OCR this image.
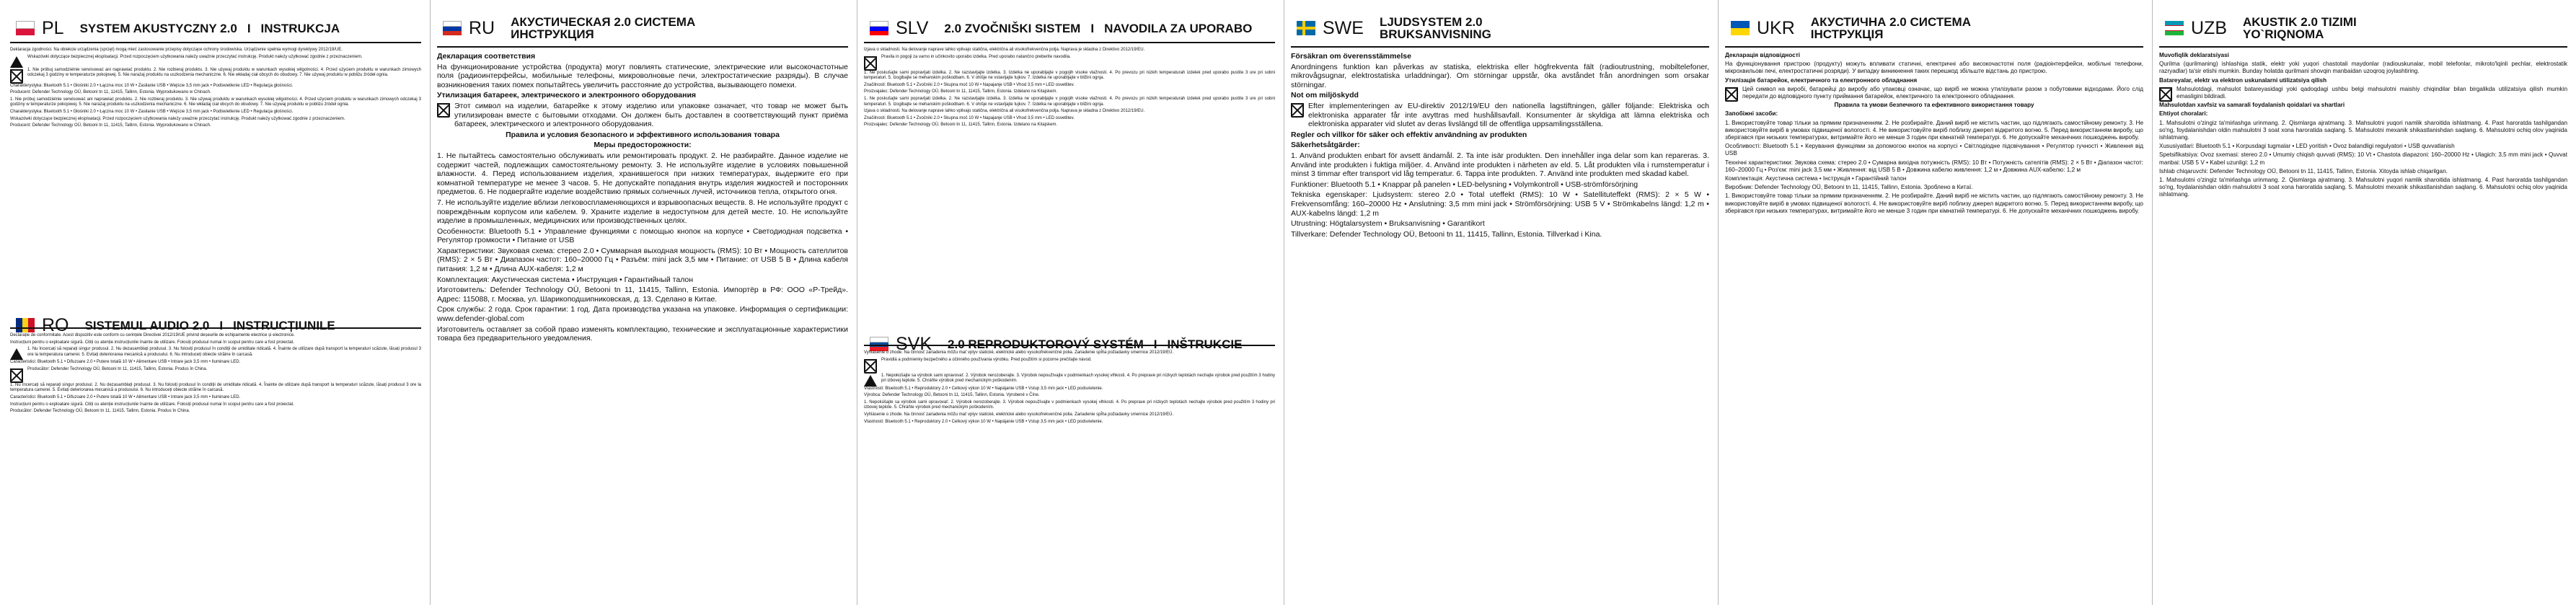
PL SYSTEM AKUSTYCZNY 2.0 I INSTRUKCJA

Deklaracja zgodności. Na obiekcie urządzenia (sprzęt) mogą mieć zastosowanie przepisy dotyczące ochrony środowiska. Urządzenie spełnia wymogi dyrektywy 2012/19/UE.

Wskazówki dotyczące bezpiecznej eksploatacji. Przed rozpoczęciem użytkowania należy uważnie przeczytać instrukcję. Produkt należy użytkować zgodnie z przeznaczeniem.

1. Nie próbuj samodzielnie serwisować ani naprawiać produktu. 2. Nie rozbieraj produktu. 3. Nie używaj produktu w warunkach wysokiej wilgotności. 4. Przed użyciem produktu w warunkach zimowych odczekaj 3 godziny w temperaturze pokojowej. 5. Nie narażaj produktu na uszkodzenia mechaniczne. 6. Nie wkładaj ciał obcych do obudowy. 7. Nie używaj produktu w pobliżu źródeł ognia.

Charakterystyka: Bluetooth 5.1 • Głośniki 2.0 • Łączna moc 10 W • Zasilanie USB • Wejście 3,5 mm jack • Podświetlenie LED • Regulacja głośności.

Producent: Defender Technology OÜ, Betooni tn 11, 11415, Tallinn, Estonia. Wyprodukowano w Chinach.

1. Nie próbuj samodzielnie serwisować ani naprawiać produktu. 2. Nie rozbieraj produktu. 3. Nie używaj produktu w warunkach wysokiej wilgotności. 4. Przed użyciem produktu w warunkach zimowych odczekaj 3 godziny w temperaturze pokojowej. 5. Nie narażaj produktu na uszkodzenia mechaniczne. 6. Nie wkładaj ciał obcych do obudowy. 7. Nie używaj produktu w pobliżu źródeł ognia.

Charakterystyka: Bluetooth 5.1 • Głośniki 2.0 • Łączna moc 10 W • Zasilanie USB • Wejście 3,5 mm jack • Podświetlenie LED • Regulacja głośności.

Wskazówki dotyczące bezpiecznej eksploatacji. Przed rozpoczęciem użytkowania należy uważnie przeczytać instrukcję. Produkt należy użytkować zgodnie z przeznaczeniem.

Producent: Defender Technology OÜ, Betooni tn 11, 11415, Tallinn, Estonia. Wyprodukowano w Chinach.

RO SISTEMUL AUDIO 2.0 I INSTRUCȚIUNILE

Declarație de conformitate. Acest dispozitiv este conform cu cerințele Directivei 2012/19/UE privind deșeurile de echipamente electrice și electronice.

Instrucțiuni pentru o exploatare sigură. Citiți cu atenție instrucțiunile înainte de utilizare. Folosiți produsul numai în scopul pentru care a fost proiectat.

1. Nu încercați să reparați singur produsul. 2. Nu dezasamblați produsul. 3. Nu folosiți produsul în condiții de umiditate ridicată. 4. Înainte de utilizare după transport la temperaturi scăzute, lăsați produsul 3 ore la temperatura camerei. 5. Evitați deteriorarea mecanică a produsului. 6. Nu introduceți obiecte străine în carcasă.

Caracteristici: Bluetooth 5.1 • Difuzoare 2.0 • Putere totală 10 W • Alimentare USB • Intrare jack 3,5 mm • Iluminare LED.

Producător: Defender Technology OÜ, Betooni tn 11, 11415, Tallinn, Estonia. Produs în China.

1. Nu încercați să reparați singur produsul. 2. Nu dezasamblați produsul. 3. Nu folosiți produsul în condiții de umiditate ridicată. 4. Înainte de utilizare după transport la temperaturi scăzute, lăsați produsul 3 ore la temperatura camerei. 5. Evitați deteriorarea mecanică a produsului. 6. Nu introduceți obiecte străine în carcasă.

Caracteristici: Bluetooth 5.1 • Difuzoare 2.0 • Putere totală 10 W • Alimentare USB • Intrare jack 3,5 mm • Iluminare LED.

Instrucțiuni pentru o exploatare sigură. Citiți cu atenție instrucțiunile înainte de utilizare. Folosiți produsul numai în scopul pentru care a fost proiectat.

Producător: Defender Technology OÜ, Betooni tn 11, 11415, Tallinn, Estonia. Produs în China.

RU АКУСТИЧЕСКАЯ 2.0 СИСТЕМА
ИНСТРУКЦИЯ

Декларация соответствия

На функционирование устройства (продукта) могут повлиять статические, электрические или высокочастотные поля (радиоинтерфейсы, мобильные телефоны, микроволновые печи, электростатические разряды). В случае возникновения таких помех попытайтесь увеличить расстояние до устройства, вызывающего помехи.

Утилизация батареек, электрического и электронного оборудования

Этот символ на изделии, батарейке к этому изделию или упаковке означает, что товар не может быть утилизирован вместе с бытовыми отходами. Он должен быть доставлен в соответствующий пункт приёма батареек, электрического и электронного оборудования.

Правила и условия безопасного и эффективного использования товара

Меры предосторожности:

1. Не пытайтесь самостоятельно обслуживать или ремонтировать продукт. 2. Не разбирайте. Данное изделие не содержит частей, подлежащих самостоятельному ремонту. 3. Не используйте изделие в условиях повышенной влажности. 4. Перед использованием изделия, хранившегося при низких температурах, выдержите его при комнатной температуре не менее 3 часов. 5. Не допускайте попадания внутрь изделия жидкостей и посторонних предметов. 6. Не подвергайте изделие воздействию прямых солнечных лучей, источников тепла, открытого огня.

7. Не используйте изделие вблизи легковоспламеняющихся и взрывоопасных веществ. 8. Не используйте продукт с повреждённым корпусом или кабелем. 9. Храните изделие в недоступном для детей месте. 10. Не используйте изделие в промышленных, медицинских или производственных целях.

Особенности: Bluetooth 5.1 • Управление функциями с помощью кнопок на корпусе • Светодиодная подсветка • Регулятор громкости • Питание от USB

Характеристики: Звуковая схема: стерео 2.0 • Суммарная выходная мощность (RMS): 10 Вт • Мощность сателлитов (RMS): 2 × 5 Вт • Диапазон частот: 160–20000 Гц • Разъём: mini jack 3,5 мм • Питание: от USB 5 В • Длина кабеля питания: 1,2 м • Длина AUX-кабеля: 1,2 м

Комплектация: Акустическая система • Инструкция • Гарантийный талон

Изготовитель: Defender Technology OÜ, Betooni tn 11, 11415, Tallinn, Estonia. Импортёр в РФ: ООО «Р-Трейд». Адрес: 115088, г. Москва, ул. Шарикоподшипниковская, д. 13. Сделано в Китае.

Срок службы: 2 года. Срок гарантии: 1 год. Дата производства указана на упаковке. Информация о сертификации: www.defender-global.com

Изготовитель оставляет за собой право изменять комплектацию, технические и эксплуатационные характеристики товара без предварительного уведомления.

SLV 2.0 ZVOČNIŠKI SISTEM I NAVODILA ZA UPORABO

Izjava o skladnosti. Na delovanje naprave lahko vplivajo statična, električna ali visokofrekvenčna polja. Naprava je skladna z Direktivo 2012/19/EU.

Pravila in pogoji za varno in učinkovito uporabo izdelka. Pred uporabo natančno preberite navodila.

1. Ne poskušajte sami popravljati izdelka. 2. Ne razstavljajte izdelka. 3. Izdelka ne uporabljajte v pogojih visoke vlažnosti. 4. Po prevozu pri nizkih temperaturah izdelek pred uporabo pustite 3 ure pri sobni temperaturi. 5. Izogibajte se mehanskim poškodbam. 6. V ohišje ne vstavljajte tujkov. 7. Izdelka ne uporabljajte v bližini ognja.

Značilnosti: Bluetooth 5.1 • Zvočniki 2.0 • Skupna moč 10 W • Napajanje USB • Vhod 3,5 mm • LED osvetlitev.

Proizvajalec: Defender Technology OÜ, Betooni tn 11, 11415, Tallinn, Estonia. Izdelano na Kitajskem.

1. Ne poskušajte sami popravljati izdelka. 2. Ne razstavljajte izdelka. 3. Izdelka ne uporabljajte v pogojih visoke vlažnosti. 4. Po prevozu pri nizkih temperaturah izdelek pred uporabo pustite 3 ure pri sobni temperaturi. 5. Izogibajte se mehanskim poškodbam. 6. V ohišje ne vstavljajte tujkov. 7. Izdelka ne uporabljajte v bližini ognja.

Izjava o skladnosti. Na delovanje naprave lahko vplivajo statična, električna ali visokofrekvenčna polja. Naprava je skladna z Direktivo 2012/19/EU.

Značilnosti: Bluetooth 5.1 • Zvočniki 2.0 • Skupna moč 10 W • Napajanje USB • Vhod 3,5 mm • LED osvetlitev.

Proizvajalec: Defender Technology OÜ, Betooni tn 11, 11415, Tallinn, Estonia. Izdelano na Kitajskem.

SVK 2.0 REPRODUKTOROVÝ SYSTÉM I INŠTRUKCIE

Vyhlásenie o zhode. Na činnosť zariadenia môžu mať vplyv statické, elektrické alebo vysokofrekvenčné polia. Zariadenie spĺňa požiadavky smernice 2012/19/EÚ.

Pravidlá a podmienky bezpečného a účinného používania výrobku. Pred použitím si pozorne prečítajte návod.

1. Nepokúšajte sa výrobok sami opravovať. 2. Výrobok nerozoberajte. 3. Výrobok nepoužívajte v podmienkach vysokej vlhkosti. 4. Po preprave pri nízkych teplotách nechajte výrobok pred použitím 3 hodiny pri izbovej teplote. 5. Chráňte výrobok pred mechanickým poškodením.

Vlastnosti: Bluetooth 5.1 • Reproduktory 2.0 • Celkový výkon 10 W • Napájanie USB • Vstup 3,5 mm jack • LED podsvietenie.

Výrobca: Defender Technology OÜ, Betooni tn 11, 11415, Tallinn, Estonia. Vyrobené v Číne.

1. Nepokúšajte sa výrobok sami opravovať. 2. Výrobok nerozoberajte. 3. Výrobok nepoužívajte v podmienkach vysokej vlhkosti. 4. Po preprave pri nízkych teplotách nechajte výrobok pred použitím 3 hodiny pri izbovej teplote. 5. Chráňte výrobok pred mechanickým poškodením.

Vyhlásenie o zhode. Na činnosť zariadenia môžu mať vplyv statické, elektrické alebo vysokofrekvenčné polia. Zariadenie spĺňa požiadavky smernice 2012/19/EÚ.

Vlastnosti: Bluetooth 5.1 • Reproduktory 2.0 • Celkový výkon 10 W • Napájanie USB • Vstup 3,5 mm jack • LED podsvietenie.

SWE LJUDSYSTEM 2.0
BRUKSANVISNING

Försäkran om överensstämmelse

Anordningens funktion kan påverkas av statiska, elektriska eller högfrekventa fält (radioutrustning, mobiltelefoner, mikrovågsugnar, elektrostatiska urladdningar). Om störningar uppstår, öka avståndet från anordningen som orsakar störningar.

Not om miljöskydd

Efter implementeringen av EU-direktiv 2012/19/EU den nationella lagstiftningen, gäller följande: Elektriska och elektroniska apparater får inte avyttras med hushållsavfall. Konsumenter är skyldiga att lämna elektriska och elektroniska apparater vid slutet av deras livslängd till de offentliga uppsamlingsställena.

Regler och villkor för säker och effektiv användning av produkten

Säkerhetsåtgärder:

1. Använd produkten enbart för avsett ändamål. 2. Ta inte isär produkten. Den innehåller inga delar som kan repareras. 3. Använd inte produkten i fuktiga miljöer. 4. Använd inte produkten i närheten av eld. 5. Låt produkten vila i rumstemperatur i minst 3 timmar efter transport vid låg temperatur. 6. Tappa inte produkten. 7. Använd inte produkten med skadad kabel.

Funktioner: Bluetooth 5.1 • Knappar på panelen • LED-belysning • Volymkontroll • USB-strömförsörjning

Tekniska egenskaper: Ljudsystem: stereo 2.0 • Total uteffekt (RMS): 10 W • Satellituteffekt (RMS): 2 × 5 W • Frekvensomfång: 160–20000 Hz • Anslutning: 3,5 mm mini jack • Strömförsörjning: USB 5 V • Strömkabelns längd: 1,2 m • AUX-kabelns längd: 1,2 m

Utrustning: Högtalarsystem • Bruksanvisning • Garantikort

Tillverkare: Defender Technology OÜ, Betooni tn 11, 11415, Tallinn, Estonia. Tillverkad i Kina.

UKR АКУСТИЧНА 2.0 СИСТЕМА
ІНСТРУКЦІЯ

Декларація відповідності

На функціонування пристрою (продукту) можуть впливати статичні, електричні або високочастотні поля (радіоінтерфейси, мобільні телефони, мікрохвильові печі, електростатичні розряди). У випадку виникнення таких перешкод збільште відстань до пристрою.

Утилізація батарейок, електричного та електронного обладнання

Цей символ на виробі, батарейці до виробу або упаковці означає, що виріб не можна утилізувати разом з побутовими відходами. Його слід передати до відповідного пункту приймання батарейок, електричного та електронного обладнання.

Правила та умови безпечного та ефективного використання товару

Запобіжні засоби:

1. Використовуйте товар тільки за прямим призначенням. 2. Не розбирайте. Даний виріб не містить частин, що підлягають самостійному ремонту. 3. Не використовуйте виріб в умовах підвищеної вологості. 4. Не використовуйте виріб поблизу джерел відкритого вогню. 5. Перед використанням виробу, що зберігався при низьких температурах, витримайте його не менше 3 годин при кімнатній температурі. 6. Не допускайте механічних пошкоджень виробу.

Особливості: Bluetooth 5.1 • Керування функціями за допомогою кнопок на корпусі • Світлодіодне підсвічування • Регулятор гучності • Живлення від USB

Технічні характеристики: Звукова схема: стерео 2.0 • Сумарна вихідна потужність (RMS): 10 Вт • Потужність сателітів (RMS): 2 × 5 Вт • Діапазон частот: 160–20000 Гц • Роз'єм: mini jack 3,5 мм • Живлення: від USB 5 В • Довжина кабелю живлення: 1,2 м • Довжина AUX-кабелю: 1,2 м

Комплектація: Акустична система • Інструкція • Гарантійний талон

Виробник: Defender Technology OÜ, Betooni tn 11, 11415, Tallinn, Estonia. Зроблено в Китаї.

1. Використовуйте товар тільки за прямим призначенням. 2. Не розбирайте. Даний виріб не містить частин, що підлягають самостійному ремонту. 3. Не використовуйте виріб в умовах підвищеної вологості. 4. Не використовуйте виріб поблизу джерел відкритого вогню. 5. Перед використанням виробу, що зберігався при низьких температурах, витримайте його не менше 3 годин при кімнатній температурі. 6. Не допускайте механічних пошкоджень виробу.

UZB AKUSTIK 2.0 TIZIMI
YO`RIQNOMA

Muvofiqlik deklaratsiyasi

Qurilma (qurilmaning) ishlashiga statik, elektr yoki yuqori chastotali maydonlar (radiouskunalar, mobil telefonlar, mikroto'lqinli pechlar, elektrostatik razryadlar) ta'sir etishi mumkin. Bunday holatda qurilmani shovqin manbaidan uzoqroq joylashtiring.

Batareyalar, elektr va elektron uskunalarni utilizatsiya qilish

Mahsulotdagi, mahsulot batareyasidagi yoki qadoqdagi ushbu belgi mahsulotni maishiy chiqindilar bilan birgalikda utilizatsiya qilish mumkin emasligini bildiradi.

Mahsulotdan xavfsiz va samarali foydalanish qoidalari va shartlari

Ehtiyot choralari:

1. Mahsulotni o'zingiz ta'mirlashga urinmang. 2. Qismlarga ajratmang. 3. Mahsulotni yuqori namlik sharoitida ishlatmang. 4. Past haroratda tashilgandan so'ng, foydalanishdan oldin mahsulotni 3 soat xona haroratida saqlang. 5. Mahsulotni mexanik shikastlanishdan saqlang. 6. Mahsulotni ochiq olov yaqinida ishlatmang.

Xususiyatlari: Bluetooth 5.1 • Korpusdagi tugmalar • LED yoritish • Ovoz balandligi regulyatori • USB quvvatlanish

Spetsifikatsiya: Ovoz sxemasi: stereo 2.0 • Umumiy chiqish quvvati (RMS): 10 Vt • Chastota diapazoni: 160–20000 Hz • Ulagich: 3,5 mm mini jack • Quvvat manbai: USB 5 V • Kabel uzunligi: 1,2 m

Ishlab chiqaruvchi: Defender Technology OÜ, Betooni tn 11, 11415, Tallinn, Estonia. Xitoyda ishlab chiqarilgan.

1. Mahsulotni o'zingiz ta'mirlashga urinmang. 2. Qismlarga ajratmang. 3. Mahsulotni yuqori namlik sharoitida ishlatmang. 4. Past haroratda tashilgandan so'ng, foydalanishdan oldin mahsulotni 3 soat xona haroratida saqlang. 5. Mahsulotni mexanik shikastlanishdan saqlang. 6. Mahsulotni ochiq olov yaqinida ishlatmang.
